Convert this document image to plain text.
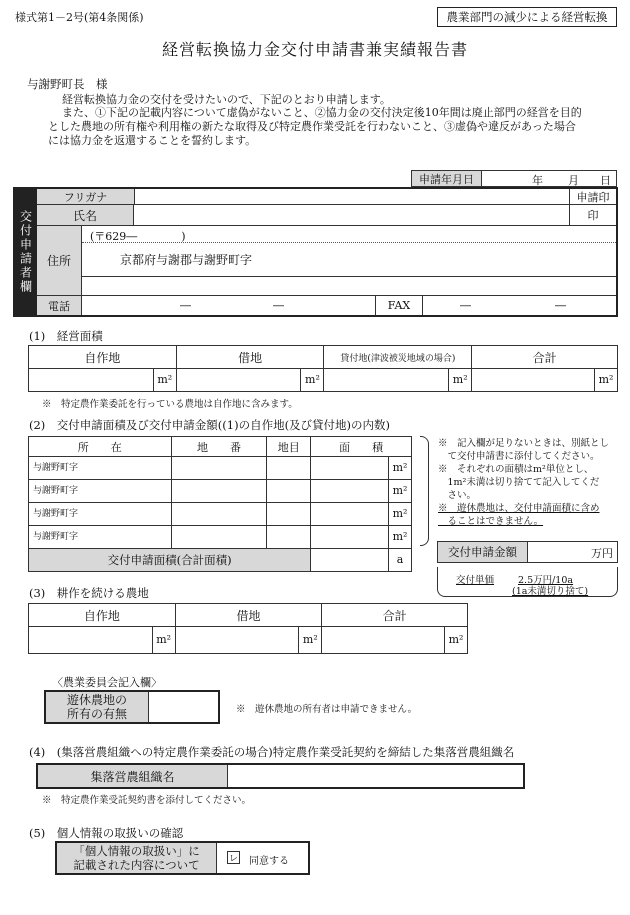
様式第1－2号(第4条関係)	農業部門の減少による経営転換
経営転換協力金交付申請書兼実績報告書
与謝野町長　様
経営転換協力金の交付を受けたいので、下記のとおり申請します。
また、①下記の記載内容について虚偽がないこと、②協力金の交付決定後10年間は廃止部門の経営を目的
とした農地の所有権や利用権の新たな取得及び特定農作業受託を行わないこと、③虚偽や違反があった場合
には協力金を返還することを誓約します。
申請年月日	年 月 日
交付申請者欄
フリガナ
氏名
申請印
印
住所
(〒629―　　　　)
京都府与謝郡与謝野町字
電話	―	―	FAX	―	―
(1)　経営面積
自作地	借地	貸付地(津波被災地域の場合)	合計

m²	m²	m²	m²
※　特定農作業委託を行っている農地は自作地に含みます。
(2)　交付申請面積及び交付申請金額((1)の自作地(及び貸付地)の内数)
所　　在	地　　番	地目	面　　積
与謝野町字			m²

与謝野町字			m²

与謝野町字			m²

与謝野町字			m²

交付申請面積(合計面積)			a
※　記入欄が足りないときは、別紙とし
　て交付申請書に添付してください。
※　それぞれの面積はm²単位とし、
　1m²未満は切り捨てて記入してくだ
　さい。
※　遊休農地は、交付申請面積に含め
　ることはできません。
交付申請金額	万円
交付単価	2.5万円/10a
(1a未満切り捨て)
(3)　耕作を続ける農地
自作地	借地	合計

m²	m²	m²
〈農業委員会記入欄〉
遊休農地の
所有の有無	※　遊休農地の所有者は申請できません。
(4)　(集落営農組織への特定農作業委託の場合)特定農作業受託契約を締結した集落営農組織名
集落営農組織名
※　特定農作業受託契約書を添付してください。
(5)　個人情報の取扱いの確認
「個人情報の取扱い」に
記載された内容について	レ 同意する
